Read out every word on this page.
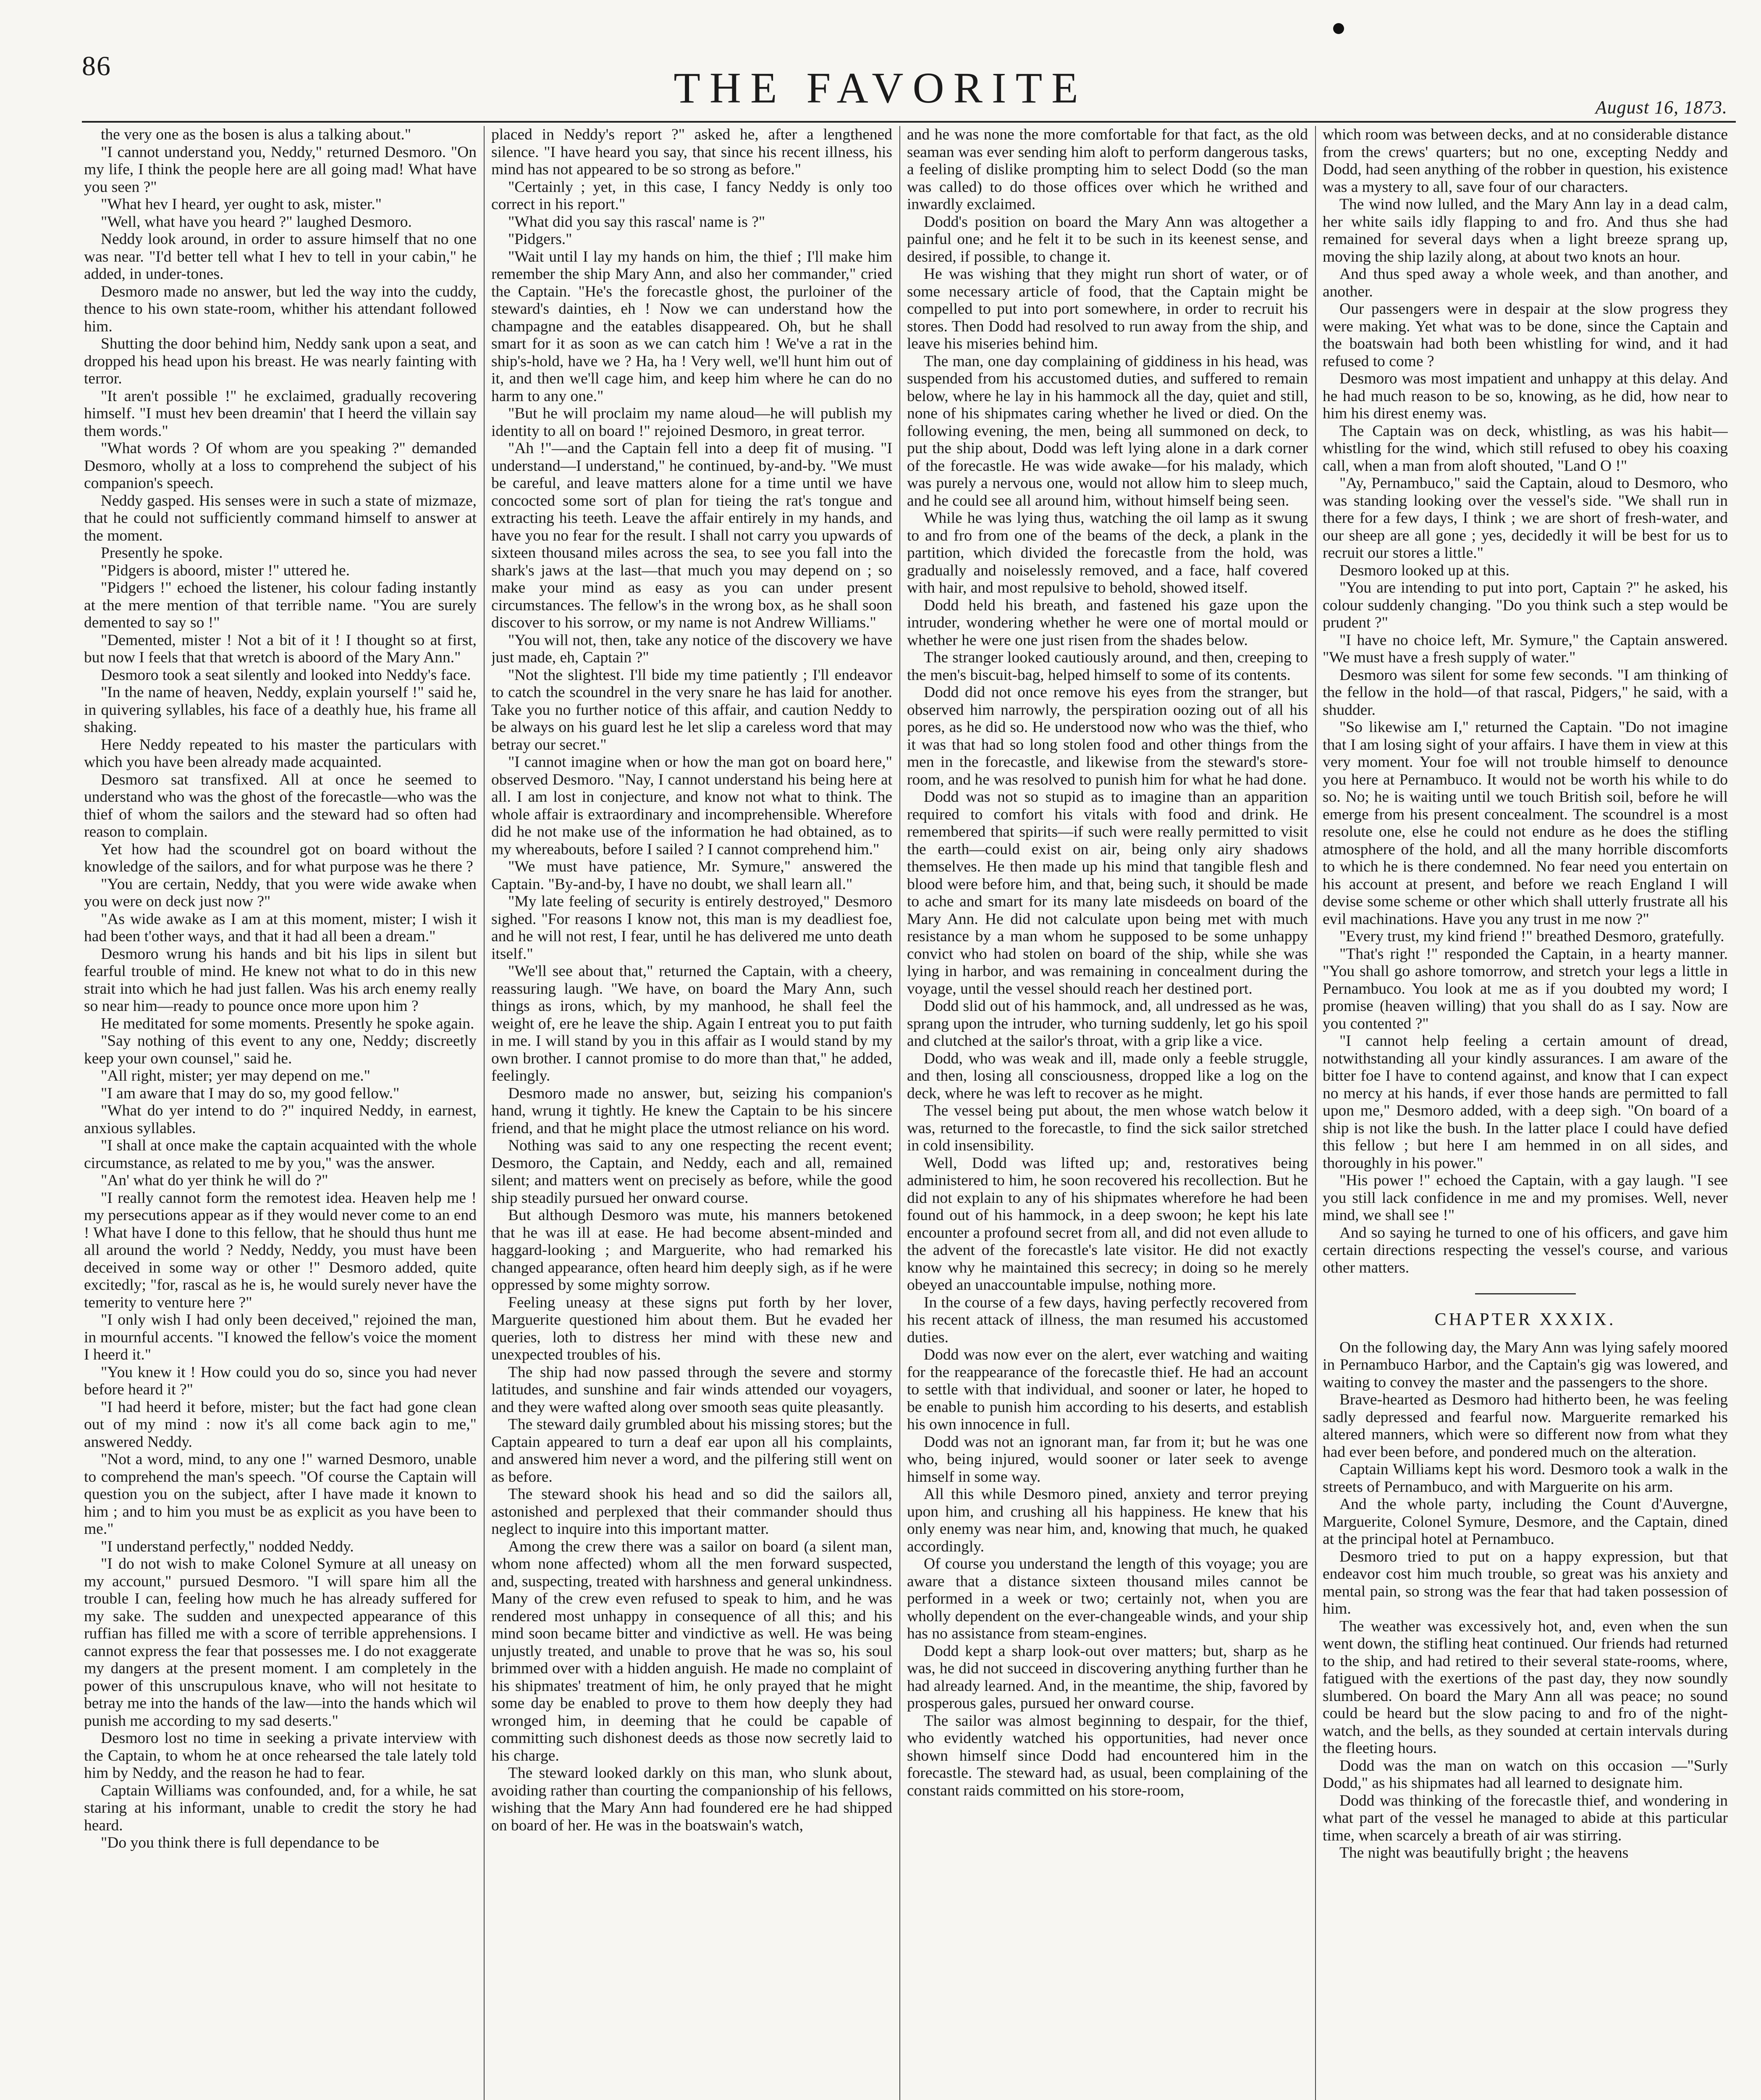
86	THE FAVORITE	August 16, 1873.

the very one as the bosen is alus a talking about."

"I cannot understand you, Neddy," returned Desmoro. "On my life, I think the people here are all going mad! What have you seen ?"

"What hev I heard, yer ought to ask, mister."

"Well, what have you heard ?" laughed Desmoro.

Neddy look around, in order to assure himself that no one was near. "I'd better tell what I hev to tell in your cabin," he added, in under-tones.

Desmoro made no answer, but led the way into the cuddy, thence to his own state-room, whither his attendant followed him.

Shutting the door behind him, Neddy sank upon a seat, and dropped his head upon his breast. He was nearly fainting with terror.

"It aren't possible !" he exclaimed, gradually recovering himself. "I must hev been dreamin' that I heerd the villain say them words."

"What words ? Of whom are you speaking ?" demanded Desmoro, wholly at a loss to comprehend the subject of his companion's speech.

Neddy gasped. His senses were in such a state of mizmaze, that he could not sufficiently command himself to answer at the moment.

Presently he spoke.

"Pidgers is aboord, mister !" uttered he.

"Pidgers !" echoed the listener, his colour fading instantly at the mere mention of that terrible name. "You are surely demented to say so !"

"Demented, mister ! Not a bit of it ! I thought so at first, but now I feels that that wretch is aboord of the Mary Ann."

Desmoro took a seat silently and looked into Neddy's face.

"In the name of heaven, Neddy, explain yourself !" said he, in quivering syllables, his face of a deathly hue, his frame all shaking.

Here Neddy repeated to his master the particulars with which you have been already made acquainted.

Desmoro sat transfixed. All at once he seemed to understand who was the ghost of the forecastle—who was the thief of whom the sailors and the steward had so often had reason to complain.

Yet how had the scoundrel got on board without the knowledge of the sailors, and for what purpose was he there ?

"You are certain, Neddy, that you were wide awake when you were on deck just now ?"

"As wide awake as I am at this moment, mister; I wish it had been t'other ways, and that it had all been a dream."

Desmoro wrung his hands and bit his lips in silent but fearful trouble of mind. He knew not what to do in this new strait into which he had just fallen. Was his arch enemy really so near him—ready to pounce once more upon him ?

He meditated for some moments. Presently he spoke again.

"Say nothing of this event to any one, Neddy; discreetly keep your own counsel," said he.

"All right, mister; yer may depend on me."

"I am aware that I may do so, my good fellow."

"What do yer intend to do ?" inquired Neddy, in earnest, anxious syllables.

"I shall at once make the captain acquainted with the whole circumstance, as related to me by you," was the answer.

"An' what do yer think he will do ?"

"I really cannot form the remotest idea. Heaven help me ! my persecutions appear as if they would never come to an end ! What have I done to this fellow, that he should thus hunt me all around the world ? Neddy, Neddy, you must have been deceived in some way or other !" Desmoro added, quite excitedly; "for, rascal as he is, he would surely never have the temerity to venture here ?"

"I only wish I had only been deceived," rejoined the man, in mournful accents. "I knowed the fellow's voice the moment I heerd it."

"You knew it ! How could you do so, since you had never before heard it ?"

"I had heerd it before, mister; but the fact had gone clean out of my mind : now it's all come back agin to me," answered Neddy.

"Not a word, mind, to any one !" warned Desmoro, unable to comprehend the man's speech. "Of course the Captain will question you on the subject, after I have made it known to him ; and to him you must be as explicit as you have been to me."

"I understand perfectly," nodded Neddy.

"I do not wish to make Colonel Symure at all uneasy on my account," pursued Desmoro. "I will spare him all the trouble I can, feeling how much he has already suffered for my sake. The sudden and unexpected appearance of this ruffian has filled me with a score of terrible apprehensions. I cannot express the fear that possesses me. I do not exaggerate my dangers at the present moment. I am completely in the power of this unscrupulous knave, who will not hesitate to betray me into the hands of the law—into the hands which wil punish me according to my sad deserts."

Desmoro lost no time in seeking a private interview with the Captain, to whom he at once rehearsed the tale lately told him by Neddy, and the reason he had to fear.

Captain Williams was confounded, and, for a while, he sat staring at his informant, unable to credit the story he had heard.

"Do you think there is full dependance to be

placed in Neddy's report ?" asked he, after a lengthened silence. "I have heard you say, that since his recent illness, his mind has not appeared to be so strong as before."

"Certainly ; yet, in this case, I fancy Neddy is only too correct in his report."

"What did you say this rascal' name is ?"

"Pidgers."

"Wait until I lay my hands on him, the thief ; I'll make him remember the ship Mary Ann, and also her commander," cried the Captain. "He's the forecastle ghost, the purloiner of the steward's dainties, eh ! Now we can understand how the champagne and the eatables disappeared. Oh, but he shall smart for it as soon as we can catch him ! We've a rat in the ship's-hold, have we ? Ha, ha ! Very well, we'll hunt him out of it, and then we'll cage him, and keep him where he can do no harm to any one."

"But he will proclaim my name aloud—he will publish my identity to all on board !" rejoined Desmoro, in great terror.

"Ah !"—and the Captain fell into a deep fit of musing. "I understand—I understand," he continued, by-and-by. "We must be careful, and leave matters alone for a time until we have concocted some sort of plan for tieing the rat's tongue and extracting his teeth. Leave the affair entirely in my hands, and have you no fear for the result. I shall not carry you upwards of sixteen thousand miles across the sea, to see you fall into the shark's jaws at the last—that much you may depend on ; so make your mind as easy as you can under present circumstances. The fellow's in the wrong box, as he shall soon discover to his sorrow, or my name is not Andrew Williams."

"You will not, then, take any notice of the discovery we have just made, eh, Captain ?"

"Not the slightest. I'll bide my time patiently ; I'll endeavor to catch the scoundrel in the very snare he has laid for another. Take you no further notice of this affair, and caution Neddy to be always on his guard lest he let slip a careless word that may betray our secret."

"I cannot imagine when or how the man got on board here," observed Desmoro. "Nay, I cannot understand his being here at all. I am lost in conjecture, and know not what to think. The whole affair is extraordinary and incomprehensible. Wherefore did he not make use of the information he had obtained, as to my whereabouts, before I sailed ? I cannot comprehend him."

"We must have patience, Mr. Symure," answered the Captain. "By-and-by, I have no doubt, we shall learn all."

"My late feeling of security is entirely destroyed," Desmoro sighed. "For reasons I know not, this man is my deadliest foe, and he will not rest, I fear, until he has delivered me unto death itself."

"We'll see about that," returned the Captain, with a cheery, reassuring laugh. "We have, on board the Mary Ann, such things as irons, which, by my manhood, he shall feel the weight of, ere he leave the ship. Again I entreat you to put faith in me. I will stand by you in this affair as I would stand by my own brother. I cannot promise to do more than that," he added, feelingly.

Desmoro made no answer, but, seizing his companion's hand, wrung it tightly. He knew the Captain to be his sincere friend, and that he might place the utmost reliance on his word.

Nothing was said to any one respecting the recent event; Desmoro, the Captain, and Neddy, each and all, remained silent; and matters went on precisely as before, while the good ship steadily pursued her onward course.

But although Desmoro was mute, his manners betokened that he was ill at ease. He had become absent-minded and haggard-looking ; and Marguerite, who had remarked his changed appearance, often heard him deeply sigh, as if he were oppressed by some mighty sorrow.

Feeling uneasy at these signs put forth by her lover, Marguerite questioned him about them. But he evaded her queries, loth to distress her mind with these new and unexpected troubles of his.

The ship had now passed through the severe and stormy latitudes, and sunshine and fair winds attended our voyagers, and they were wafted along over smooth seas quite pleasantly.

The steward daily grumbled about his missing stores; but the Captain appeared to turn a deaf ear upon all his complaints, and answered him never a word, and the pilfering still went on as before.

The steward shook his head and so did the sailors all, astonished and perplexed that their commander should thus neglect to inquire into this important matter.

Among the crew there was a sailor on board (a silent man, whom none affected) whom all the men forward suspected, and, suspecting, treated with harshness and general unkindness. Many of the crew even refused to speak to him, and he was rendered most unhappy in consequence of all this; and his mind soon became bitter and vindictive as well. He was being unjustly treated, and unable to prove that he was so, his soul brimmed over with a hidden anguish. He made no complaint of his shipmates' treatment of him, he only prayed that he might some day be enabled to prove to them how deeply they had wronged him, in deeming that he could be capable of committing such dishonest deeds as those now secretly laid to his charge.

The steward looked darkly on this man, who slunk about, avoiding rather than courting the companionship of his fellows, wishing that the Mary Ann had foundered ere he had shipped on board of her. He was in the boatswain's watch,

and he was none the more comfortable for that fact, as the old seaman was ever sending him aloft to perform dangerous tasks, a feeling of dislike prompting him to select Dodd (so the man was called) to do those offices over which he writhed and inwardly exclaimed.

Dodd's position on board the Mary Ann was altogether a painful one; and he felt it to be such in its keenest sense, and desired, if possible, to change it.

He was wishing that they might run short of water, or of some necessary article of food, that the Captain might be compelled to put into port somewhere, in order to recruit his stores. Then Dodd had resolved to run away from the ship, and leave his miseries behind him.

The man, one day complaining of giddiness in his head, was suspended from his accustomed duties, and suffered to remain below, where he lay in his hammock all the day, quiet and still, none of his shipmates caring whether he lived or died. On the following evening, the men, being all summoned on deck, to put the ship about, Dodd was left lying alone in a dark corner of the forecastle. He was wide awake—for his malady, which was purely a nervous one, would not allow him to sleep much, and he could see all around him, without himself being seen.

While he was lying thus, watching the oil lamp as it swung to and fro from one of the beams of the deck, a plank in the partition, which divided the forecastle from the hold, was gradually and noiselessly removed, and a face, half covered with hair, and most repulsive to behold, showed itself.

Dodd held his breath, and fastened his gaze upon the intruder, wondering whether he were one of mortal mould or whether he were one just risen from the shades below.

The stranger looked cautiously around, and then, creeping to the men's biscuit-bag, helped himself to some of its contents.

Dodd did not once remove his eyes from the stranger, but observed him narrowly, the perspiration oozing out of all his pores, as he did so. He understood now who was the thief, who it was that had so long stolen food and other things from the men in the forecastle, and likewise from the steward's store-room, and he was resolved to punish him for what he had done.

Dodd was not so stupid as to imagine than an apparition required to comfort his vitals with food and drink. He remembered that spirits—if such were really permitted to visit the earth—could exist on air, being only airy shadows themselves. He then made up his mind that tangible flesh and blood were before him, and that, being such, it should be made to ache and smart for its many late misdeeds on board of the Mary Ann. He did not calculate upon being met with much resistance by a man whom he supposed to be some unhappy convict who had stolen on board of the ship, while she was lying in harbor, and was remaining in concealment during the voyage, until the vessel should reach her destined port.

Dodd slid out of his hammock, and, all undressed as he was, sprang upon the intruder, who turning suddenly, let go his spoil and clutched at the sailor's throat, with a grip like a vice.

Dodd, who was weak and ill, made only a feeble struggle, and then, losing all consciousness, dropped like a log on the deck, where he was left to recover as he might.

The vessel being put about, the men whose watch below it was, returned to the forecastle, to find the sick sailor stretched in cold insensibility.

Well, Dodd was lifted up; and, restoratives being administered to him, he soon recovered his recollection. But he did not explain to any of his shipmates wherefore he had been found out of his hammock, in a deep swoon; he kept his late encounter a profound secret from all, and did not even allude to the advent of the forecastle's late visitor. He did not exactly know why he maintained this secrecy; in doing so he merely obeyed an unaccountable impulse, nothing more.

In the course of a few days, having perfectly recovered from his recent attack of illness, the man resumed his accustomed duties.

Dodd was now ever on the alert, ever watching and waiting for the reappearance of the forecastle thief. He had an account to settle with that individual, and sooner or later, he hoped to be enable to punish him according to his deserts, and establish his own innocence in full.

Dodd was not an ignorant man, far from it; but he was one who, being injured, would sooner or later seek to avenge himself in some way.

All this while Desmoro pined, anxiety and terror preying upon him, and crushing all his happiness. He knew that his only enemy was near him, and, knowing that much, he quaked accordingly.

Of course you understand the length of this voyage; you are aware that a distance sixteen thousand miles cannot be performed in a week or two; certainly not, when you are wholly dependent on the ever-changeable winds, and your ship has no assistance from steam-engines.

Dodd kept a sharp look-out over matters; but, sharp as he was, he did not succeed in discovering anything further than he had already learned. And, in the meantime, the ship, favored by prosperous gales, pursued her onward course.

The sailor was almost beginning to despair, for the thief, who evidently watched his opportunities, had never once shown himself since Dodd had encountered him in the forecastle. The steward had, as usual, been complaining of the constant raids committed on his store-room,

which room was between decks, and at no considerable distance from the crews' quarters; but no one, excepting Neddy and Dodd, had seen anything of the robber in question, his existence was a mystery to all, save four of our characters.

The wind now lulled, and the Mary Ann lay in a dead calm, her white sails idly flapping to and fro. And thus she had remained for several days when a light breeze sprang up, moving the ship lazily along, at about two knots an hour.

And thus sped away a whole week, and than another, and another.

Our passengers were in despair at the slow progress they were making. Yet what was to be done, since the Captain and the boatswain had both been whistling for wind, and it had refused to come ?

Desmoro was most impatient and unhappy at this delay. And he had much reason to be so, knowing, as he did, how near to him his direst enemy was.

The Captain was on deck, whistling, as was his habit—whistling for the wind, which still refused to obey his coaxing call, when a man from aloft shouted, "Land O !"

"Ay, Pernambuco," said the Captain, aloud to Desmoro, who was standing looking over the vessel's side. "We shall run in there for a few days, I think ; we are short of fresh-water, and our sheep are all gone ; yes, decidedly it will be best for us to recruit our stores a little."

Desmoro looked up at this.

"You are intending to put into port, Captain ?" he asked, his colour suddenly changing. "Do you think such a step would be prudent ?"

"I have no choice left, Mr. Symure," the Captain answered. "We must have a fresh supply of water."

Desmoro was silent for some few seconds. "I am thinking of the fellow in the hold—of that rascal, Pidgers," he said, with a shudder.

"So likewise am I," returned the Captain. "Do not imagine that I am losing sight of your affairs. I have them in view at this very moment. Your foe will not trouble himself to denounce you here at Pernambuco. It would not be worth his while to do so. No; he is waiting until we touch British soil, before he will emerge from his present concealment. The scoundrel is a most resolute one, else he could not endure as he does the stifling atmosphere of the hold, and all the many horrible discomforts to which he is there condemned. No fear need you entertain on his account at present, and before we reach England I will devise some scheme or other which shall utterly frustrate all his evil machinations. Have you any trust in me now ?"

"Every trust, my kind friend !" breathed Desmoro, gratefully.

"That's right !" responded the Captain, in a hearty manner. "You shall go ashore tomorrow, and stretch your legs a little in Pernambuco. You look at me as if you doubted my word; I promise (heaven willing) that you shall do as I say. Now are you contented ?"

"I cannot help feeling a certain amount of dread, notwithstanding all your kindly assurances. I am aware of the bitter foe I have to contend against, and know that I can expect no mercy at his hands, if ever those hands are permitted to fall upon me," Desmoro added, with a deep sigh. "On board of a ship is not like the bush. In the latter place I could have defied this fellow ; but here I am hemmed in on all sides, and thoroughly in his power."

"His power !" echoed the Captain, with a gay laugh. "I see you still lack confidence in me and my promises. Well, never mind, we shall see !"

And so saying he turned to one of his officers, and gave him certain directions respecting the vessel's course, and various other matters.

CHAPTER XXXIX.

On the following day, the Mary Ann was lying safely moored in Pernambuco Harbor, and the Captain's gig was lowered, and waiting to convey the master and the passengers to the shore.

Brave-hearted as Desmoro had hitherto been, he was feeling sadly depressed and fearful now. Marguerite remarked his altered manners, which were so different now from what they had ever been before, and pondered much on the alteration.

Captain Williams kept his word. Desmoro took a walk in the streets of Pernambuco, and with Marguerite on his arm.

And the whole party, including the Count d'Auvergne, Marguerite, Colonel Symure, Desmore, and the Captain, dined at the principal hotel at Pernambuco.

Desmoro tried to put on a happy expression, but that endeavor cost him much trouble, so great was his anxiety and mental pain, so strong was the fear that had taken possession of him.

The weather was excessively hot, and, even when the sun went down, the stifling heat continued. Our friends had returned to the ship, and had retired to their several state-rooms, where, fatigued with the exertions of the past day, they now soundly slumbered. On board the Mary Ann all was peace; no sound could be heard but the slow pacing to and fro of the night-watch, and the bells, as they sounded at certain intervals during the fleeting hours.

Dodd was the man on watch on this occasion —"Surly Dodd," as his shipmates had all learned to designate him.

Dodd was thinking of the forecastle thief, and wondering in what part of the vessel he managed to abide at this particular time, when scarcely a breath of air was stirring.

The night was beautifully bright ; the heavens
